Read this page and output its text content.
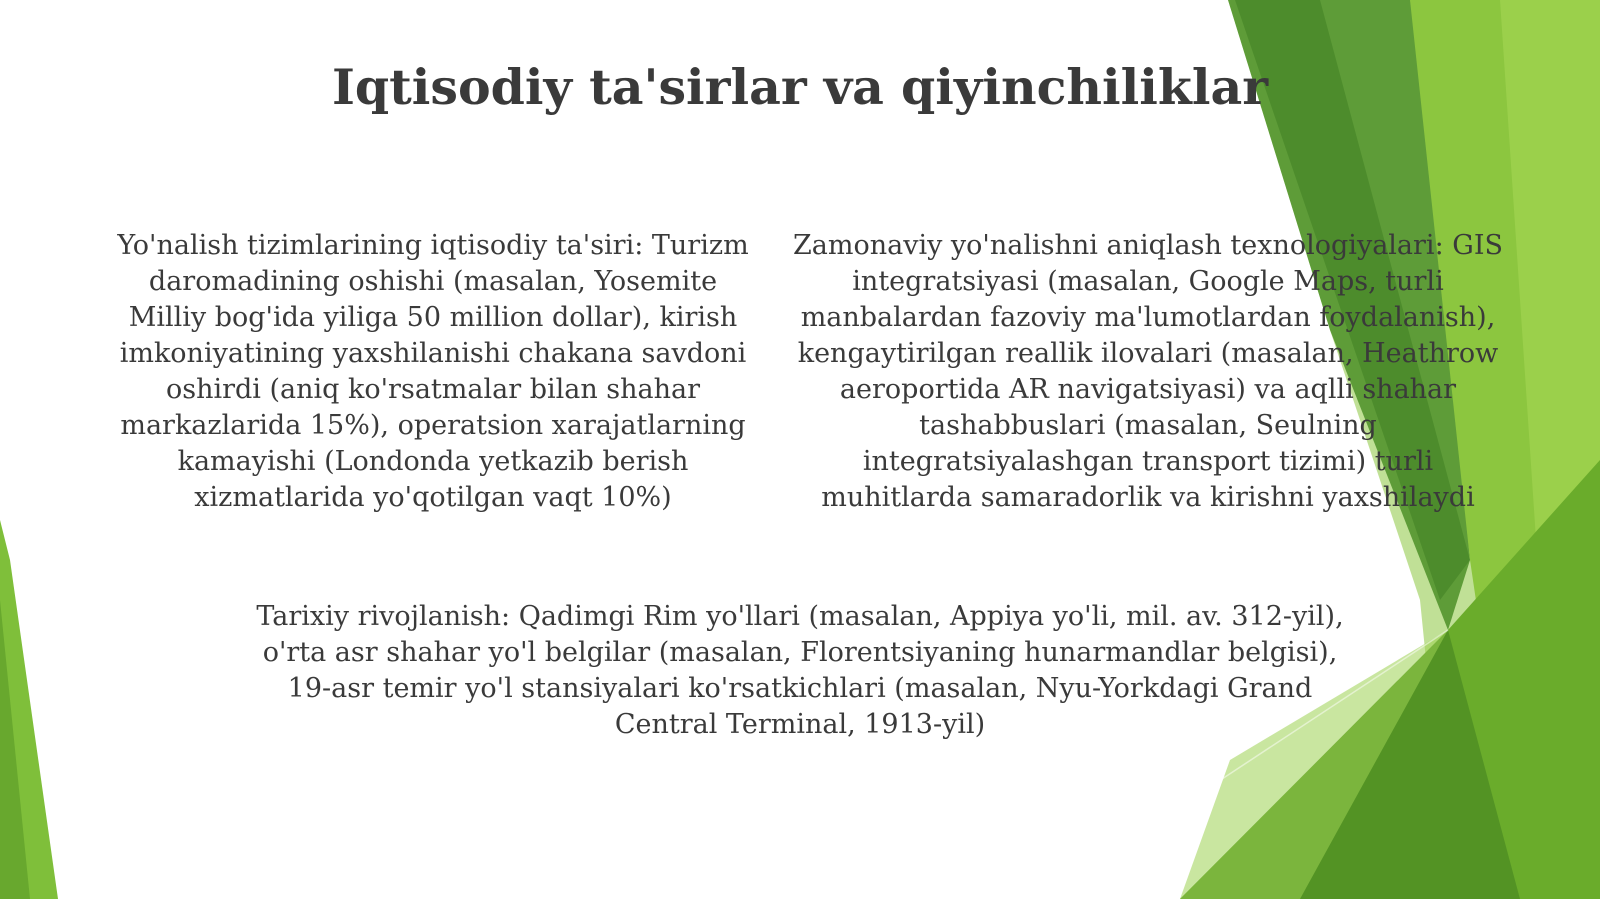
Iqtisodiy ta'sirlar va qiyinchiliklar

Yo'nalish tizimlarining iqtisodiy ta'siri: Turizm daromadining oshishi (masalan, Yosemite Milliy bog'ida yiliga 50 million dollar), kirish imkoniyatining yaxshilanishi chakana savdoni oshirdi (aniq ko'rsatmalar bilan shahar markazlarida 15%), operatsion xarajatlarning kamayishi (Londonda yetkazib berish xizmatlarida yo'qotilgan vaqt 10%)

Zamonaviy yo'nalishni aniqlash texnologiyalari: GIS integratsiyasi (masalan, Google Maps, turli manbalardan fazoviy ma'lumotlardan foydalanish), kengaytirilgan reallik ilovalari (masalan, Heathrow aeroportida AR navigatsiyasi) va aqlli shahar tashabbuslari (masalan, Seulning integratsiyalashgan transport tizimi) turli muhitlarda samaradorlik va kirishni yaxshilaydi

Tarixiy rivojlanish: Qadimgi Rim yo'llari (masalan, Appiya yo'li, mil. av. 312-yil), o'rta asr shahar yo'l belgilar (masalan, Florentsiyaning hunarmandlar belgisi), 19-asr temir yo'l stansiyalari ko'rsatkichlari (masalan, Nyu-Yorkdagi Grand Central Terminal, 1913-yil)
